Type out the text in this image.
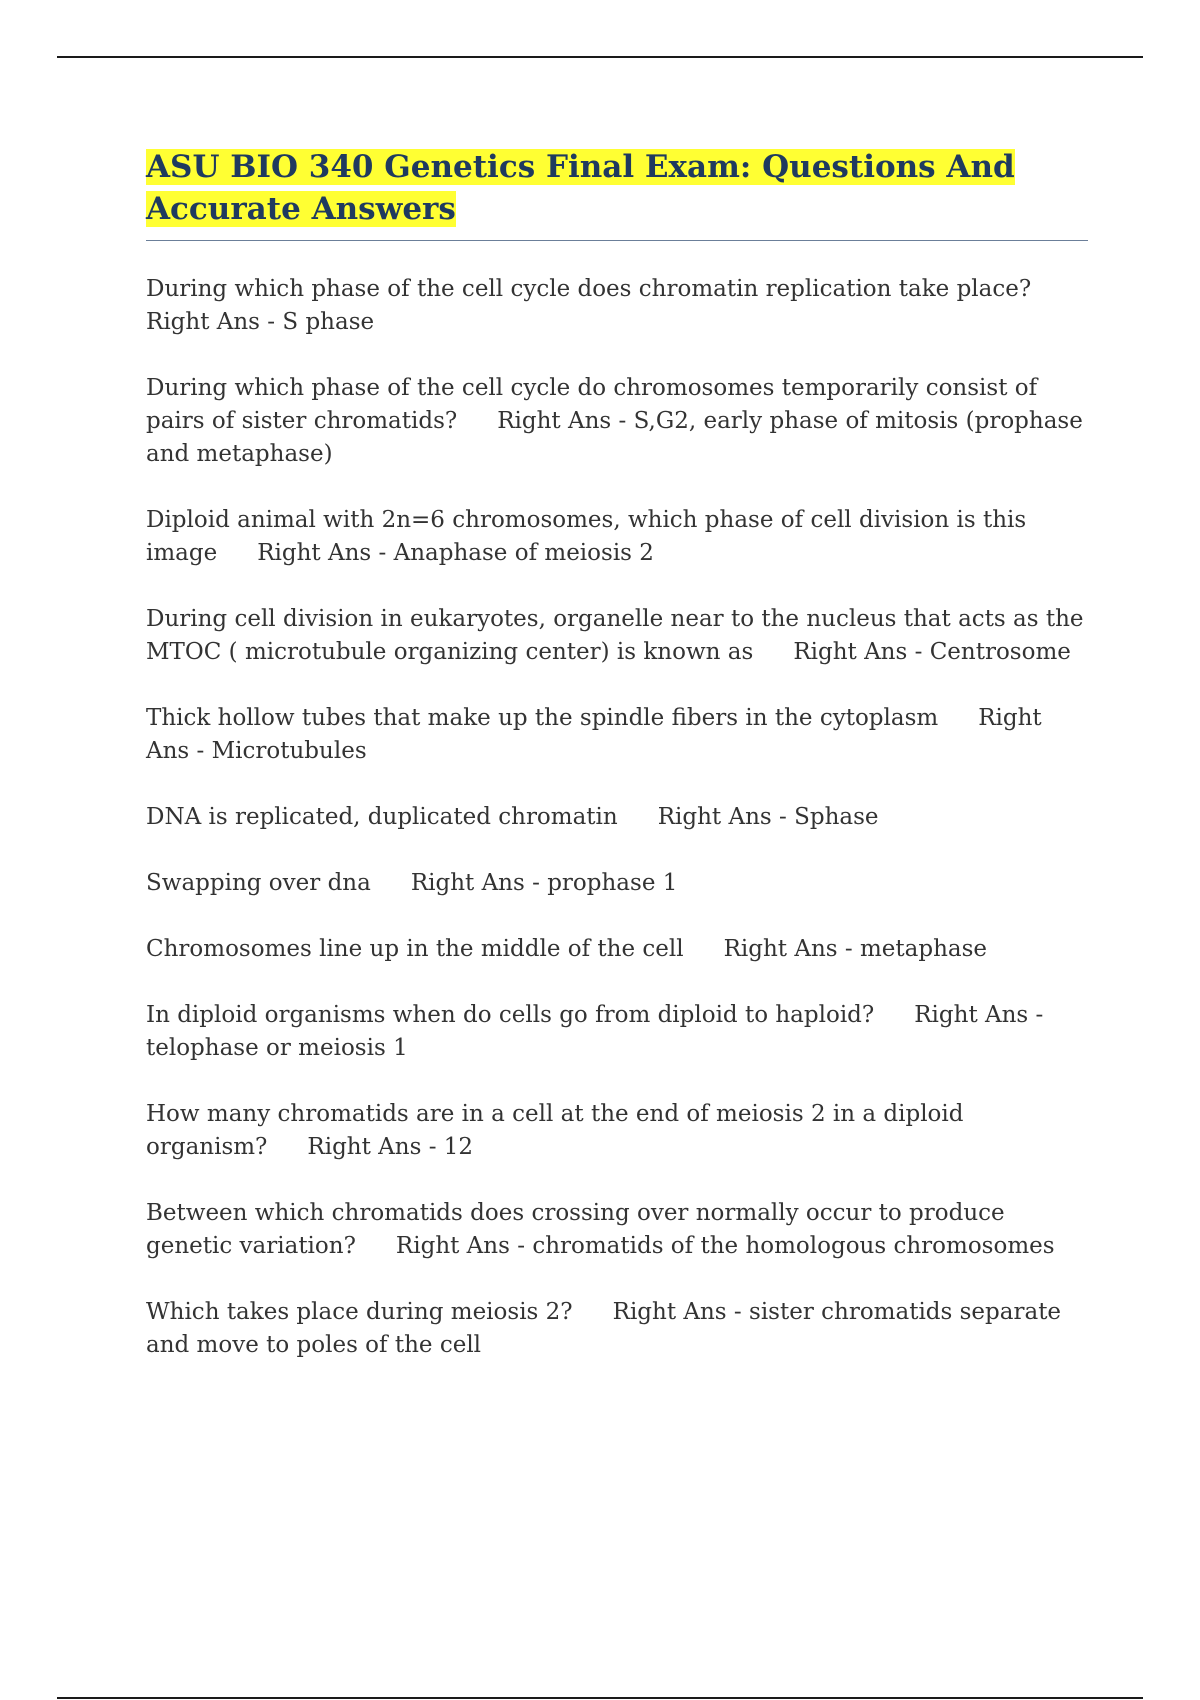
ASU BIO 340 Genetics Final Exam: Questions And Accurate Answers

During which phase of the cell cycle does chromatin replication take place?
Right Ans - S phase

During which phase of the cell cycle do chromosomes temporarily consist of pairs of sister chromatids? Right Ans - S,G2, early phase of mitosis (prophase and metaphase)

Diploid animal with 2n=6 chromosomes, which phase of cell division is this image Right Ans - Anaphase of meiosis 2

During cell division in eukaryotes, organelle near to the nucleus that acts as the MTOC ( microtubule organizing center) is known as Right Ans - Centrosome

Thick hollow tubes that make up the spindle fibers in the cytoplasm Right Ans - Microtubules

DNA is replicated, duplicated chromatin Right Ans - Sphase

Swapping over dna Right Ans - prophase 1

Chromosomes line up in the middle of the cell Right Ans - metaphase

In diploid organisms when do cells go from diploid to haploid? Right Ans - telophase or meiosis 1

How many chromatids are in a cell at the end of meiosis 2 in a diploid organism? Right Ans - 12

Between which chromatids does crossing over normally occur to produce genetic variation? Right Ans - chromatids of the homologous chromosomes

Which takes place during meiosis 2? Right Ans - sister chromatids separate and move to poles of the cell
